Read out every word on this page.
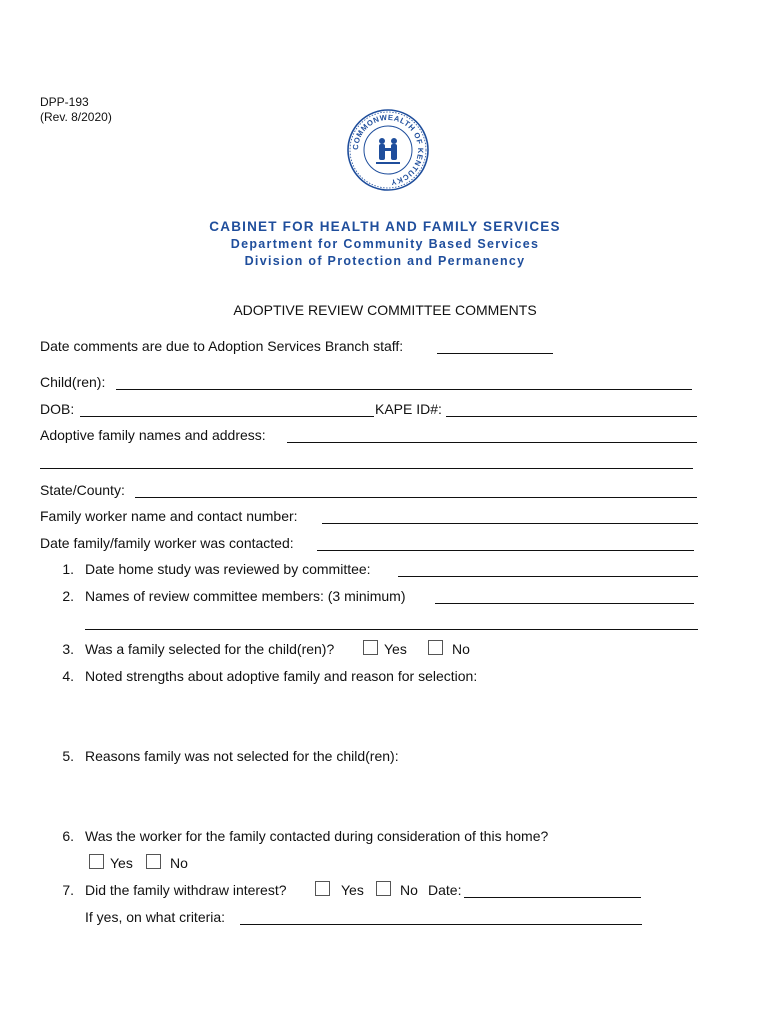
DPP-193
(Rev. 8/2020)
COMMONWEALTH OF KENTUCKY
CABINET FOR HEALTH AND FAMILY SERVICES
Department for Community Based Services
Division of Protection and Permanency
ADOPTIVE REVIEW COMMITTEE COMMENTS
Date comments are due to Adoption Services Branch staff:
Child(ren):
DOB:	KAPE ID#:
Adoptive family names and address:
State/County:
Family worker name and contact number:
Date family/family worker was contacted:
1. Date home study was reviewed by committee:
2. Names of review committee members: (3 minimum)
3. Was a family selected for the child(ren)?	Yes	No
4. Noted strengths about adoptive family and reason for selection:
5. Reasons family was not selected for the child(ren):
6. Was the worker for the family contacted during consideration of this home?
Yes	No
7. Did the family withdraw interest?	Yes	No Date:
If yes, on what criteria:
